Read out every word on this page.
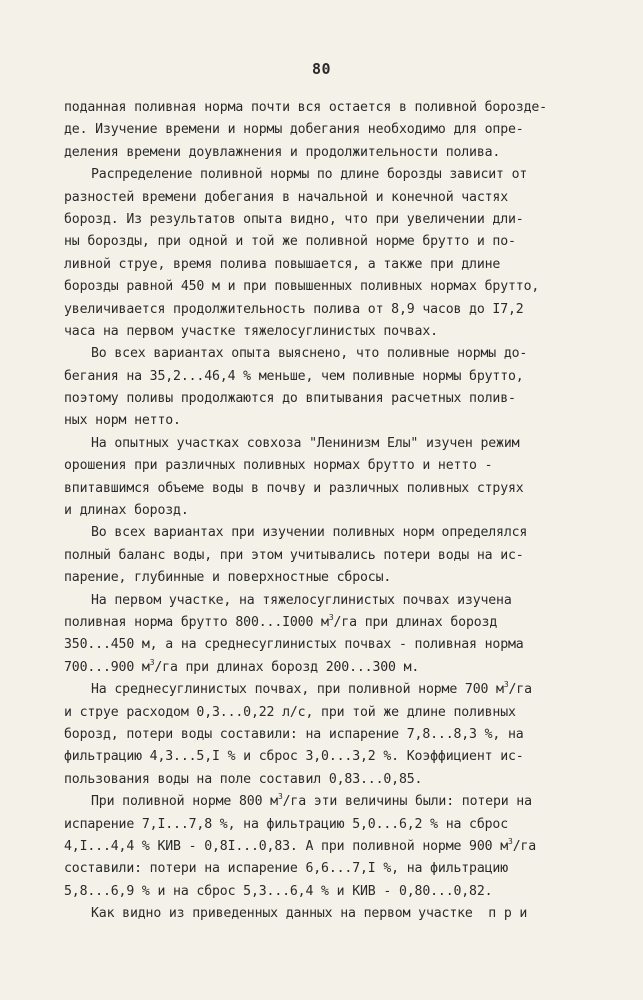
80
поданная поливная норма почти вся остается в поливной борозде-
де. Изучение времени и нормы добегания необходимо для опре-
деления времени доувлажнения и продолжительности полива.
Распределение поливной нормы по длине борозды зависит от
разностей времени добегания в начальной и конечной частях
борозд. Из результатов опыта видно, что при увеличении дли-
ны борозды, при одной и той же поливной норме брутто и по-
ливной струе, время полива повышается, а также при длине
борозды равной 450 м и при повышенных поливных нормах брутто,
увеличивается продолжительность полива от 8,9 часов до I7,2
часа на первом участке тяжелосуглинистых почвах.
Во всех вариантах опыта выяснено, что поливные нормы до-
бегания на 35,2...46,4 % меньше, чем поливные нормы брутто,
поэтому поливы продолжаются до впитывания расчетных полив-
ных норм нетто.
На опытных участках совхоза "Ленинизм Елы" изучен режим
орошения при различных поливных нормах брутто и нетто -
впитавшимся объеме воды в почву и различных поливных струях
и длинах борозд.
Во всех вариантах при изучении поливных норм определялся
полный баланс воды, при этом учитывались потери воды на ис-
парение, глубинные и поверхностные сбросы.
На первом участке, на тяжелосуглинистых почвах изучена
поливная норма брутто 800...I000 $м^3/га$ при длинах борозд
350...450 м, а на среднесуглинистых почвах - поливная норма
700...900 $м^3/га$ при длинах борозд 200...300 м.
На среднесуглинистых почвах, при поливной норме 700 $м^3/га$
и струе расходом 0,3...0,22 л/с, при той же длине поливных
борозд, потери воды составили: на испарение 7,8...8,3 %, на
фильтрацию 4,3...5,I % и сброс 3,0...3,2 %. Коэффициент ис-
пользования воды на поле составил 0,83...0,85.
При поливной норме 800 $м^3/га$ эти величины были: потери на
испарение 7,I...7,8 %, на фильтрацию 5,0...6,2 % на сброс
4,I...4,4 % КИВ - 0,8I...0,83. А при поливной норме 900 $м^3/га$
составили: потери на испарение 6,6...7,I %, на фильтрацию
5,8...6,9 % и на сброс 5,3...6,4 % и КИВ - 0,80...0,82.
Как видно из приведенных данных на первом участке  п р и
